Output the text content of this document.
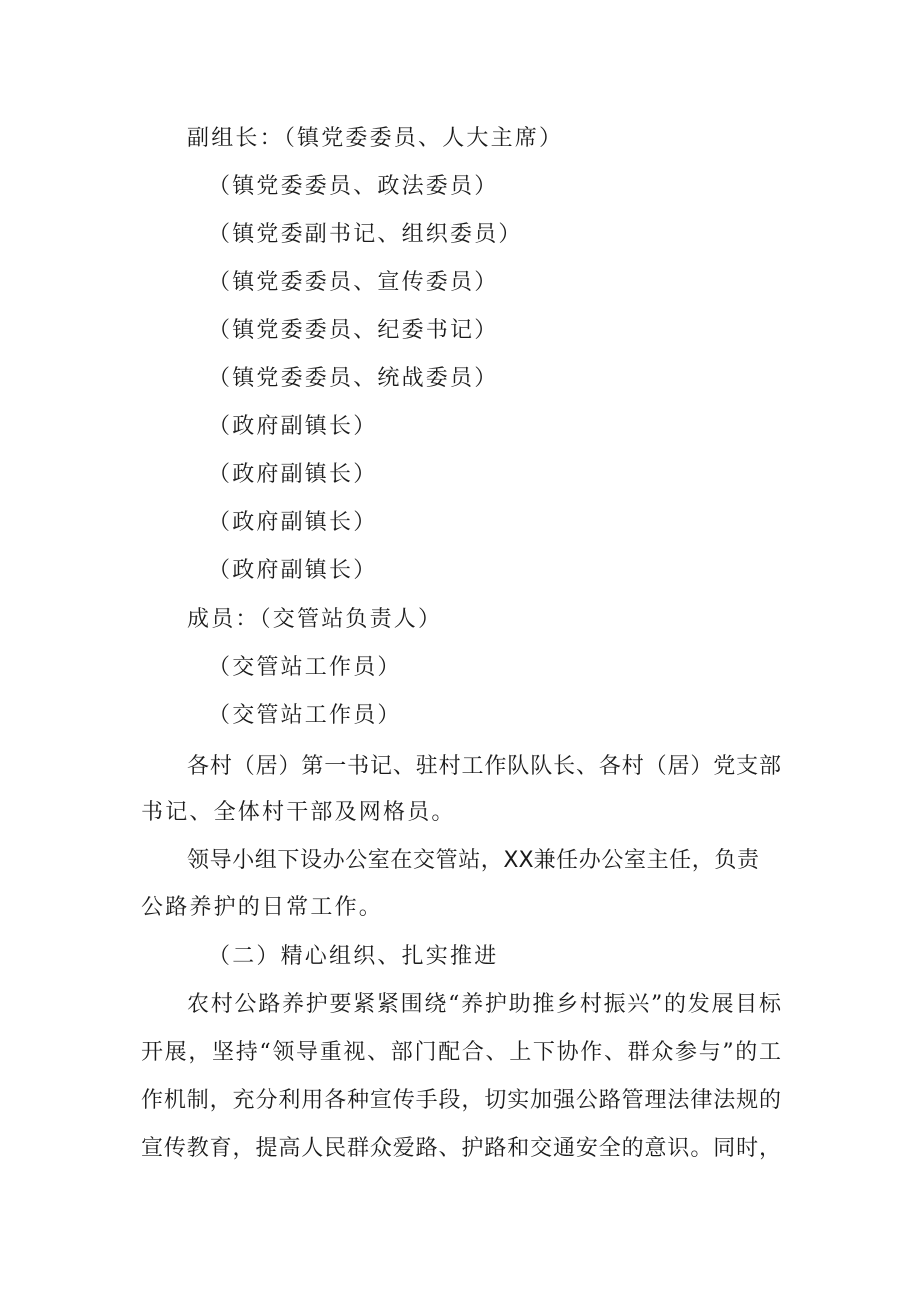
副组长：（镇党委委员、人大主席）
（镇党委委员、政法委员）
（镇党委副书记、组织委员）
（镇党委委员、宣传委员）
（镇党委委员、纪委书记）
（镇党委委员、统战委员）
（政府副镇长）
（政府副镇长）
（政府副镇长）
（政府副镇长）
成员：（交管站负责人）
（交管站工作员）
（交管站工作员）
各村（居）第一书记、驻村工作队队长、各村（居）党支部
书记、全体村干部及网格员。
领导小组下设办公室在交管站，XX兼任办公室主任，负责
公路养护的日常工作。
（二）精心组织、扎实推进
农村公路养护要紧紧围绕“养护助推乡村振兴”的发展目标
开展，坚持“领导重视、部门配合、上下协作、群众参与”的工
作机制，充分利用各种宣传手段，切实加强公路管理法律法规的
宣传教育，提高人民群众爱路、护路和交通安全的意识。同时，
